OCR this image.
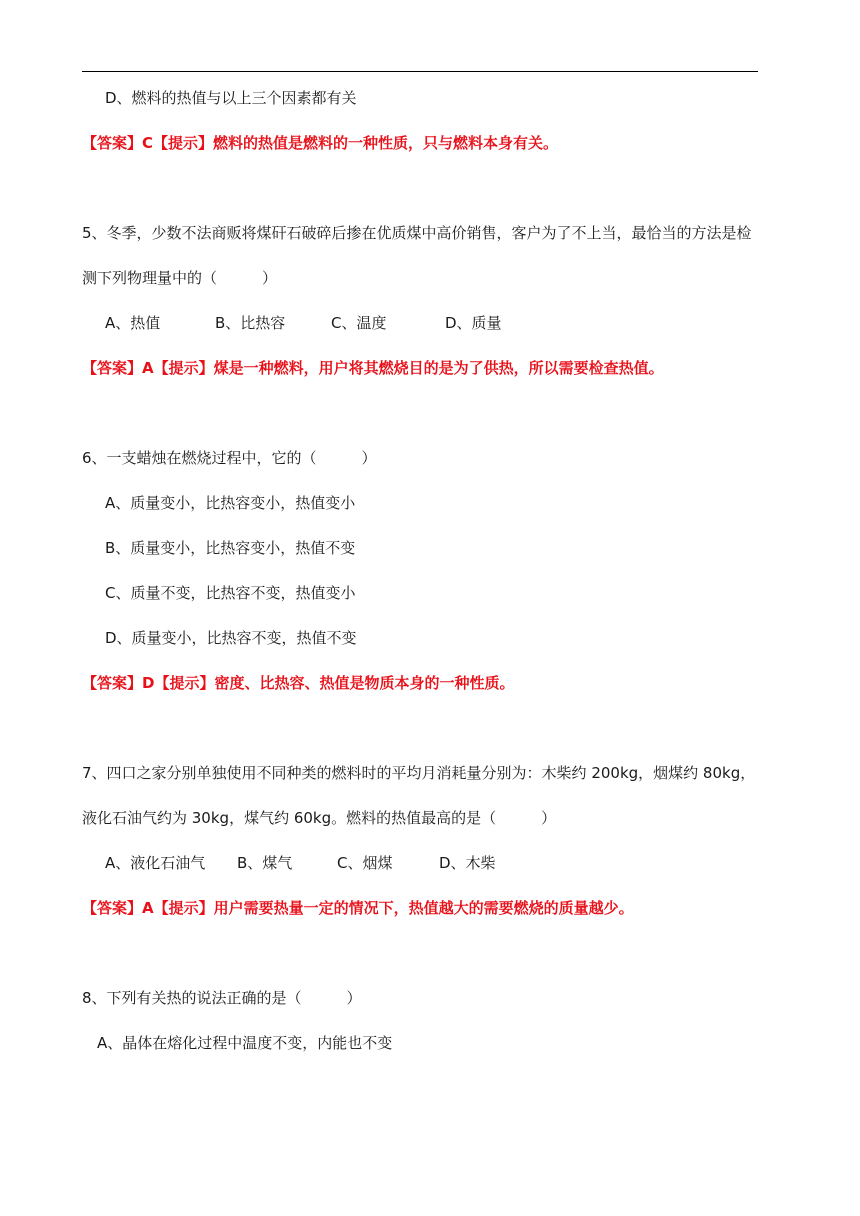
D、燃料的热值与以上三个因素都有关
【答案】C【提示】燃料的热值是燃料的一种性质，只与燃料本身有关。
5、冬季，少数不法商贩将煤矸石破碎后掺在优质煤中高价销售，客户为了不上当，最恰当的方法是检
测下列物理量中的（　　　）
A、热值	B、比热容	C、温度	D、质量
【答案】A【提示】煤是一种燃料，用户将其燃烧目的是为了供热，所以需要检查热值。
6、一支蜡烛在燃烧过程中，它的（　　　）
A、质量变小，比热容变小，热值变小
B、质量变小，比热容变小，热值不变
C、质量不变，比热容不变，热值变小
D、质量变小，比热容不变，热值不变
【答案】D【提示】密度、比热容、热值是物质本身的一种性质。
7、四口之家分别单独使用不同种类的燃料时的平均月消耗量分别为：木柴约 200kg，烟煤约 80kg，
液化石油气约为 30kg，煤气约 60kg。燃料的热值最高的是（　　　）
A、液化石油气 B、煤气	C、烟煤	D、木柴
【答案】A【提示】用户需要热量一定的情况下，热值越大的需要燃烧的质量越少。
8、下列有关热的说法正确的是（　　　）
A、晶体在熔化过程中温度不变，内能也不变
